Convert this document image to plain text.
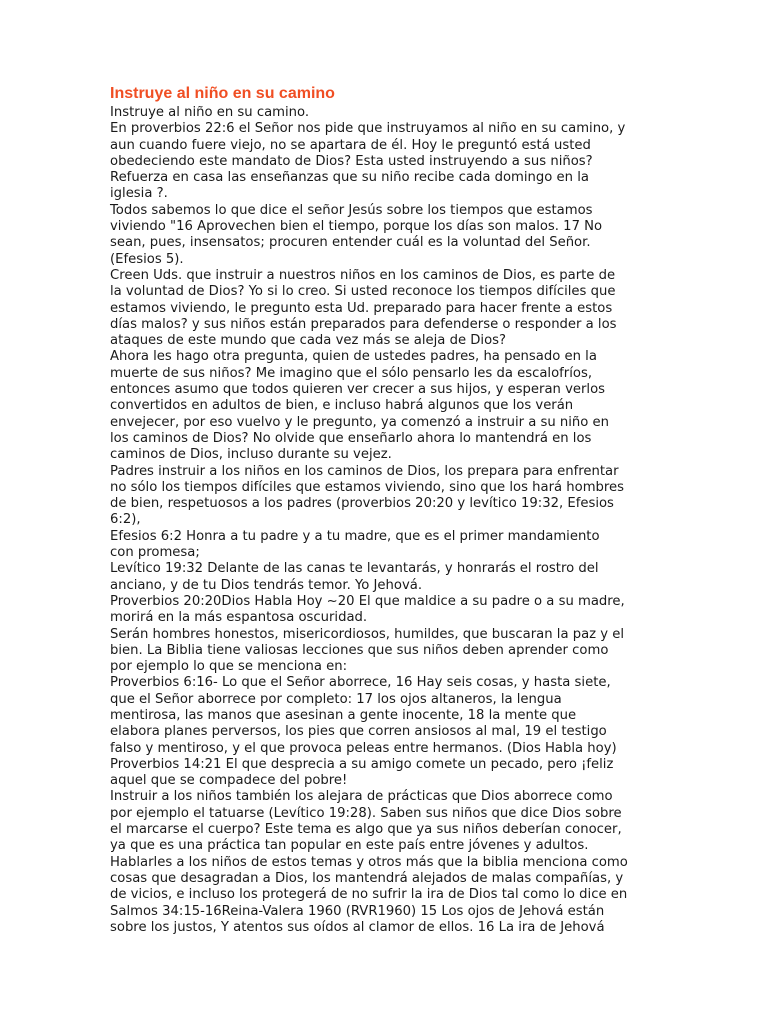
Instruye al niño en su camino

Instruye al niño en su camino.

En proverbios 22:6 el Señor nos pide que instruyamos al niño en su camino, y
aun cuando fuere viejo, no se apartara de él. Hoy le preguntó está usted
obedeciendo este mandato de Dios? Esta usted instruyendo a sus niños?
Refuerza en casa las enseñanzas que su niño recibe cada domingo en la
iglesia ?.

Todos sabemos lo que dice el señor Jesús sobre los tiempos que estamos
viviendo "16 Aprovechen bien el tiempo, porque los días son malos. 17 No
sean, pues, insensatos; procuren entender cuál es la voluntad del Señor.
(Efesios 5).

Creen Uds. que instruir a nuestros niños en los caminos de Dios, es parte de
la voluntad de Dios? Yo si lo creo. Si usted reconoce los tiempos difíciles que
estamos viviendo, le pregunto esta Ud. preparado para hacer frente a estos
días malos? y sus niños están preparados para defenderse o responder a los
ataques de este mundo que cada vez más se aleja de Dios?

Ahora les hago otra pregunta, quien de ustedes padres, ha pensado en la
muerte de sus niños? Me imagino que el sólo pensarlo les da escalofríos,
entonces asumo que todos quieren ver crecer a sus hijos, y esperan verlos
convertidos en adultos de bien, e incluso habrá algunos que los verán
envejecer, por eso vuelvo y le pregunto, ya comenzó a instruir a su niño en
los caminos de Dios? No olvide que enseñarlo ahora lo mantendrá en los
caminos de Dios, incluso durante su vejez.

Padres instruir a los niños en los caminos de Dios, los prepara para enfrentar
no sólo los tiempos difíciles que estamos viviendo, sino que los hará hombres
de bien, respetuosos a los padres (proverbios 20:20 y levítico 19:32, Efesios
6:2),

Efesios 6:2 Honra a tu padre y a tu madre, que es el primer mandamiento
con promesa;

Levítico 19:32 Delante de las canas te levantarás, y honrarás el rostro del
anciano, y de tu Dios tendrás temor. Yo Jehová.

Proverbios 20:20Dios Habla Hoy ~20 El que maldice a su padre o a su madre,
morirá en la más espantosa oscuridad.

Serán hombres honestos, misericordiosos, humildes, que buscaran la paz y el
bien. La Biblia tiene valiosas lecciones que sus niños deben aprender como
por ejemplo lo que se menciona en:

Proverbios 6:16- Lo que el Señor aborrece, 16 Hay seis cosas, y hasta siete,
que el Señor aborrece por completo: 17 los ojos altaneros, la lengua
mentirosa, las manos que asesinan a gente inocente, 18 la mente que
elabora planes perversos, los pies que corren ansiosos al mal, 19 el testigo
falso y mentiroso, y el que provoca peleas entre hermanos. (Dios Habla hoy)

Proverbios 14:21 El que desprecia a su amigo comete un pecado, pero ¡feliz
aquel que se compadece del pobre!

Instruir a los niños también los alejara de prácticas que Dios aborrece como
por ejemplo el tatuarse (Levítico 19:28). Saben sus niños que dice Dios sobre
el marcarse el cuerpo? Este tema es algo que ya sus niños deberían conocer,
ya que es una práctica tan popular en este país entre jóvenes y adultos.

Hablarles a los niños de estos temas y otros más que la biblia menciona como
cosas que desagradan a Dios, los mantendrá alejados de malas compañías, y
de vicios, e incluso los protegerá de no sufrir la ira de Dios tal como lo dice en
Salmos 34:15-16Reina-Valera 1960 (RVR1960) 15 Los ojos de Jehová están
sobre los justos, Y atentos sus oídos al clamor de ellos. 16 La ira de Jehová
